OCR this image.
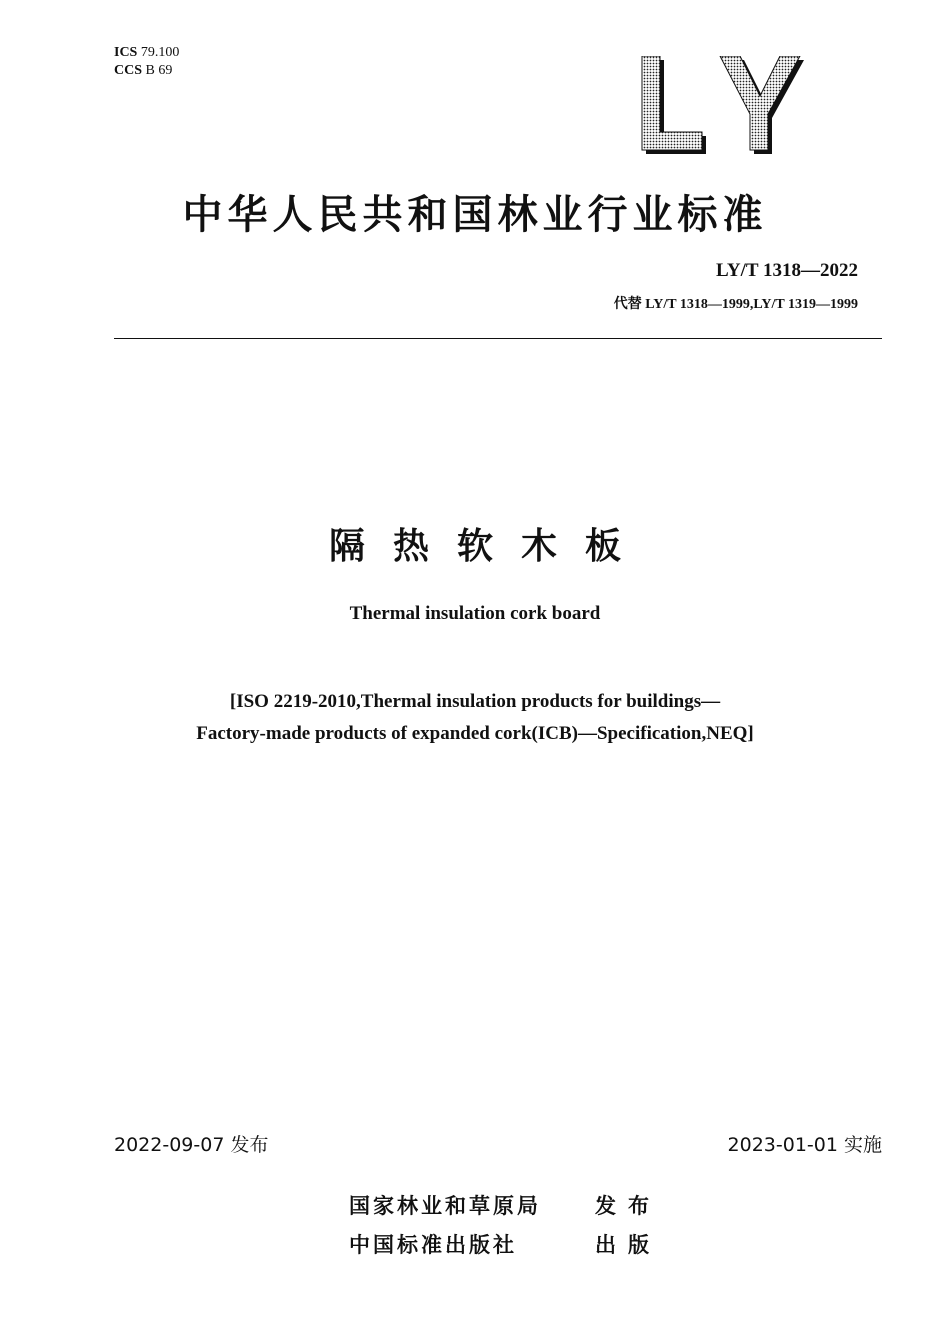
ICS 79.100
CCS B 69
中华人民共和国林业行业标准
LY/T 1318—2022
代替 LY/T 1318—1999,LY/T 1319—1999
隔热软木板
Thermal insulation cork board
[ISO 2219-2010,Thermal insulation products for buildings—
Factory-made products of expanded cork(ICB)—Specification,NEQ]
2022-09-07 发布	2023-01-01 实施
国家林业和草原局	发布
中国标准出版社	出版
